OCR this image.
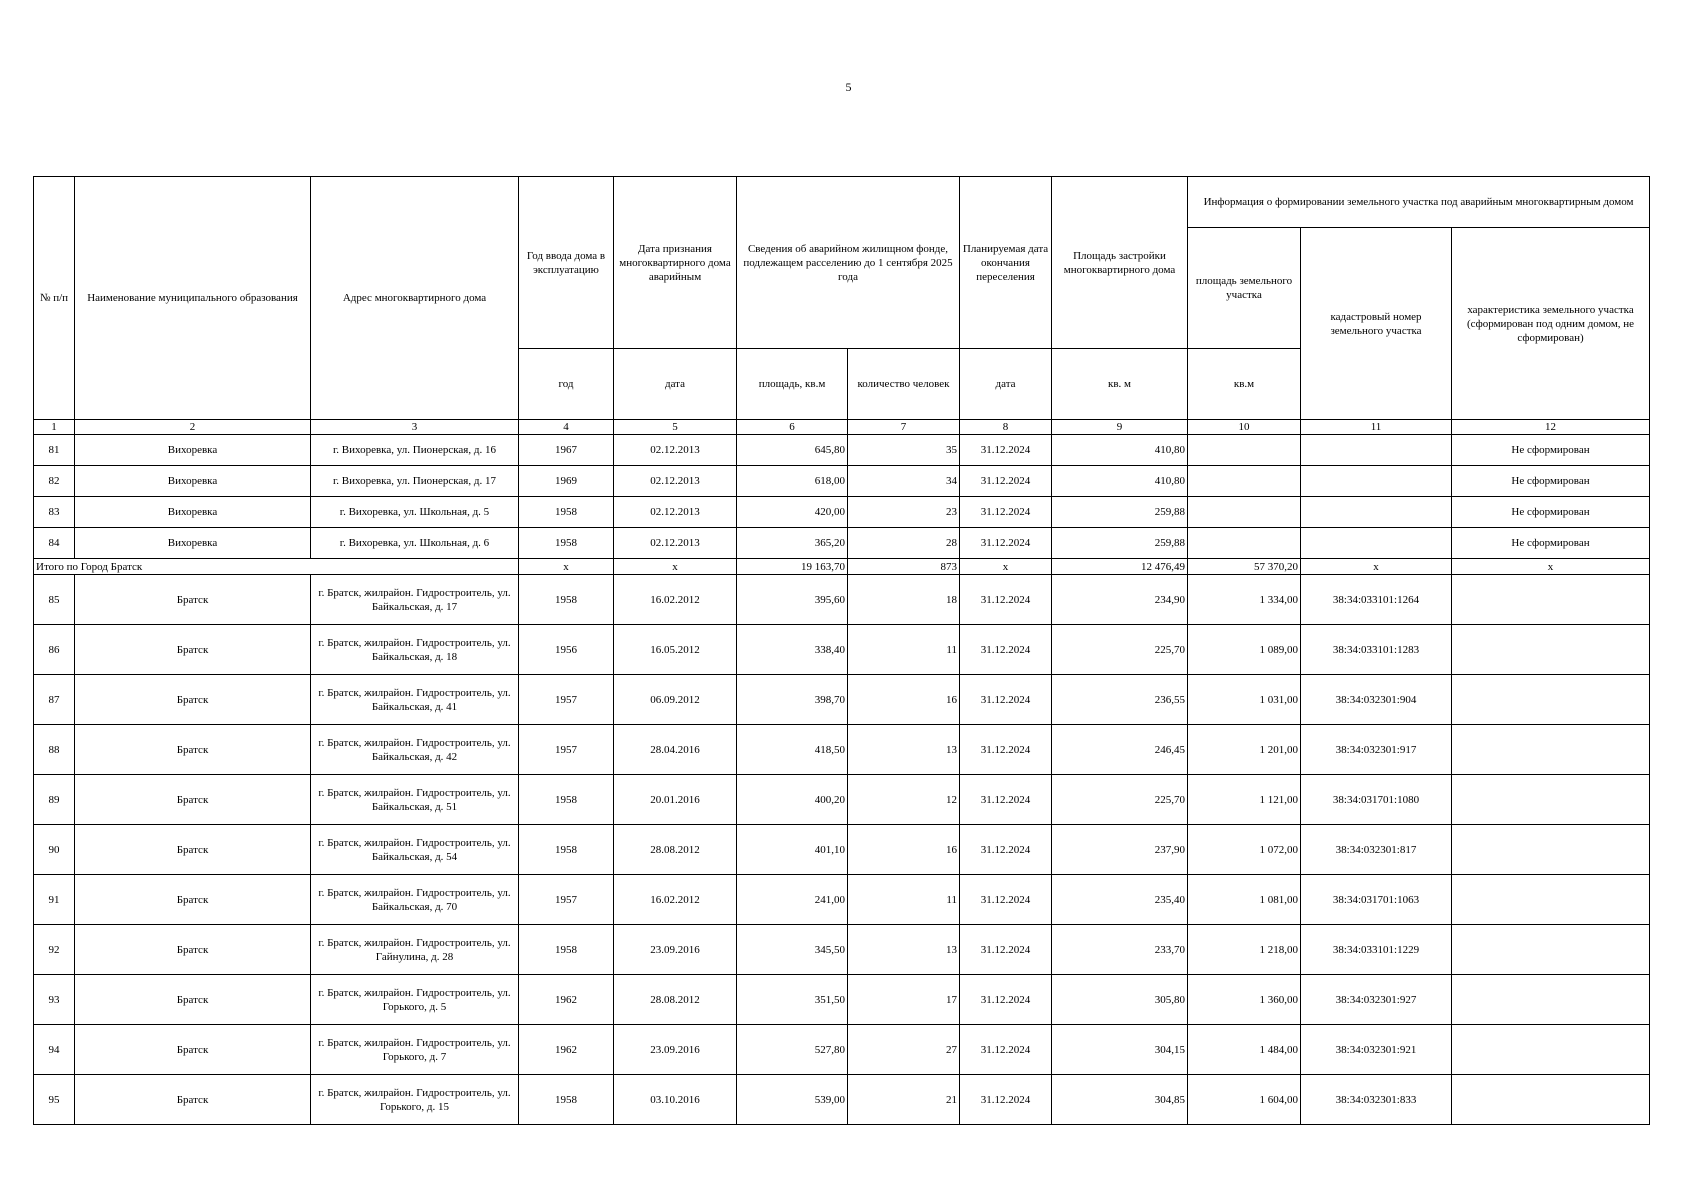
5
№ п/п	Наименование муниципального образования	Адрес многоквартирного дома	Год ввода дома в эксплуатацию	Дата признания многоквартирного дома аварийным	Сведения об аварийном жилищном фонде, подлежащем расселению до 1 сентября 2025 года		Планируемая дата окончания переселения	Площадь застройки многоквартирного дома	Информация о формировании земельного участка под аварийным многоквартирным домом		
									площадь земельного участка	кадастровый номер земельного участка	характеристика земельного участка (сформирован под одним домом, не сформирован)
			год	дата	площадь, кв.м	количество человек	дата	кв. м	кв.м		
1	2	3	4	5	6	7	8	9	10	11	12
81	Вихоревка	г. Вихоревка, ул. Пионерская, д. 16	1967	02.12.2013	645,80	35	31.12.2024	410,80			Не сформирован
82	Вихоревка	г. Вихоревка, ул. Пионерская, д. 17	1969	02.12.2013	618,00	34	31.12.2024	410,80			Не сформирован
83	Вихоревка	г. Вихоревка, ул. Школьная, д. 5	1958	02.12.2013	420,00	23	31.12.2024	259,88			Не сформирован
84	Вихоревка	г. Вихоревка, ул. Школьная, д. 6	1958	02.12.2013	365,20	28	31.12.2024	259,88			Не сформирован
Итого по Город Братск			x	x	19 163,70	873	x	12 476,49	57 370,20	x	x
85	Братск	г. Братск, жилрайон. Гидростроитель, ул. Байкальская, д. 17	1958	16.02.2012	395,60	18	31.12.2024	234,90	1 334,00	38:34:033101:1264	
86	Братск	г. Братск, жилрайон. Гидростроитель, ул. Байкальская, д. 18	1956	16.05.2012	338,40	11	31.12.2024	225,70	1 089,00	38:34:033101:1283	
87	Братск	г. Братск, жилрайон. Гидростроитель, ул. Байкальская, д. 41	1957	06.09.2012	398,70	16	31.12.2024	236,55	1 031,00	38:34:032301:904	
88	Братск	г. Братск, жилрайон. Гидростроитель, ул. Байкальская, д. 42	1957	28.04.2016	418,50	13	31.12.2024	246,45	1 201,00	38:34:032301:917	
89	Братск	г. Братск, жилрайон. Гидростроитель, ул. Байкальская, д. 51	1958	20.01.2016	400,20	12	31.12.2024	225,70	1 121,00	38:34:031701:1080	
90	Братск	г. Братск, жилрайон. Гидростроитель, ул. Байкальская, д. 54	1958	28.08.2012	401,10	16	31.12.2024	237,90	1 072,00	38:34:032301:817	
91	Братск	г. Братск, жилрайон. Гидростроитель, ул. Байкальская, д. 70	1957	16.02.2012	241,00	11	31.12.2024	235,40	1 081,00	38:34:031701:1063	
92	Братск	г. Братск, жилрайон. Гидростроитель, ул. Гайнулина, д. 28	1958	23.09.2016	345,50	13	31.12.2024	233,70	1 218,00	38:34:033101:1229	
93	Братск	г. Братск, жилрайон. Гидростроитель, ул. Горького, д. 5	1962	28.08.2012	351,50	17	31.12.2024	305,80	1 360,00	38:34:032301:927	
94	Братск	г. Братск, жилрайон. Гидростроитель, ул. Горького, д. 7	1962	23.09.2016	527,80	27	31.12.2024	304,15	1 484,00	38:34:032301:921	
95	Братск	г. Братск, жилрайон. Гидростроитель, ул. Горького, д. 15	1958	03.10.2016	539,00	21	31.12.2024	304,85	1 604,00	38:34:032301:833	
